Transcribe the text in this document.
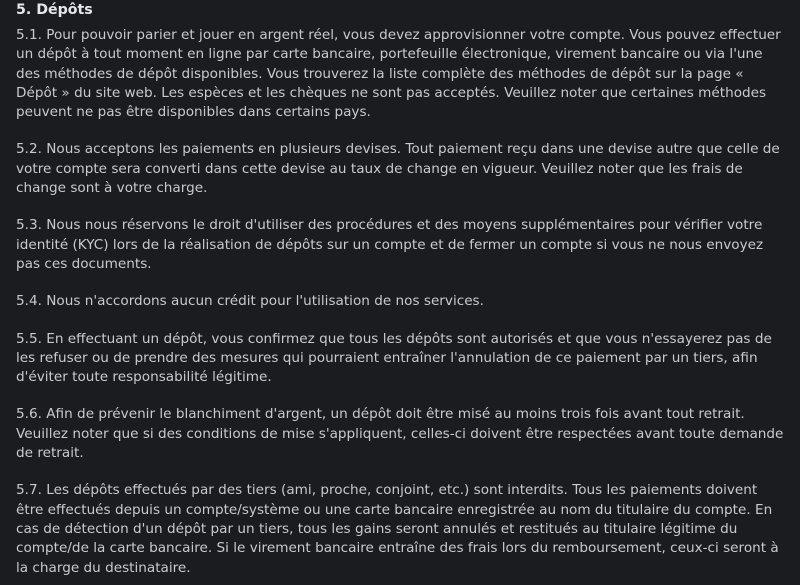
5. Dépôts

5.1. Pour pouvoir parier et jouer en argent réel, vous devez approvisionner votre compte. Vous pouvez effectuer un dépôt à tout moment en ligne par carte bancaire, portefeuille électronique, virement bancaire ou via l'une des méthodes de dépôt disponibles. Vous trouverez la liste complète des méthodes de dépôt sur la page « Dépôt » du site web. Les espèces et les chèques ne sont pas acceptés. Veuillez noter que certaines méthodes peuvent ne pas être disponibles dans certains pays.

5.2. Nous acceptons les paiements en plusieurs devises. Tout paiement reçu dans une devise autre que celle de votre compte sera converti dans cette devise au taux de change en vigueur. Veuillez noter que les frais de change sont à votre charge.

5.3. Nous nous réservons le droit d'utiliser des procédures et des moyens supplémentaires pour vérifier votre identité (KYC) lors de la réalisation de dépôts sur un compte et de fermer un compte si vous ne nous envoyez pas ces documents.

5.4. Nous n'accordons aucun crédit pour l'utilisation de nos services.

5.5. En effectuant un dépôt, vous confirmez que tous les dépôts sont autorisés et que vous n'essayerez pas de les refuser ou de prendre des mesures qui pourraient entraîner l'annulation de ce paiement par un tiers, afin d'éviter toute responsabilité légitime.

5.6. Afin de prévenir le blanchiment d'argent, un dépôt doit être misé au moins trois fois avant tout retrait. Veuillez noter que si des conditions de mise s'appliquent, celles-ci doivent être respectées avant toute demande de retrait.

5.7. Les dépôts effectués par des tiers (ami, proche, conjoint, etc.) sont interdits. Tous les paiements doivent être effectués depuis un compte/système ou une carte bancaire enregistrée au nom du titulaire du compte. En cas de détection d'un dépôt par un tiers, tous les gains seront annulés et restitués au titulaire légitime du compte/de la carte bancaire. Si le virement bancaire entraîne des frais lors du remboursement, ceux-ci seront à la charge du destinataire.
